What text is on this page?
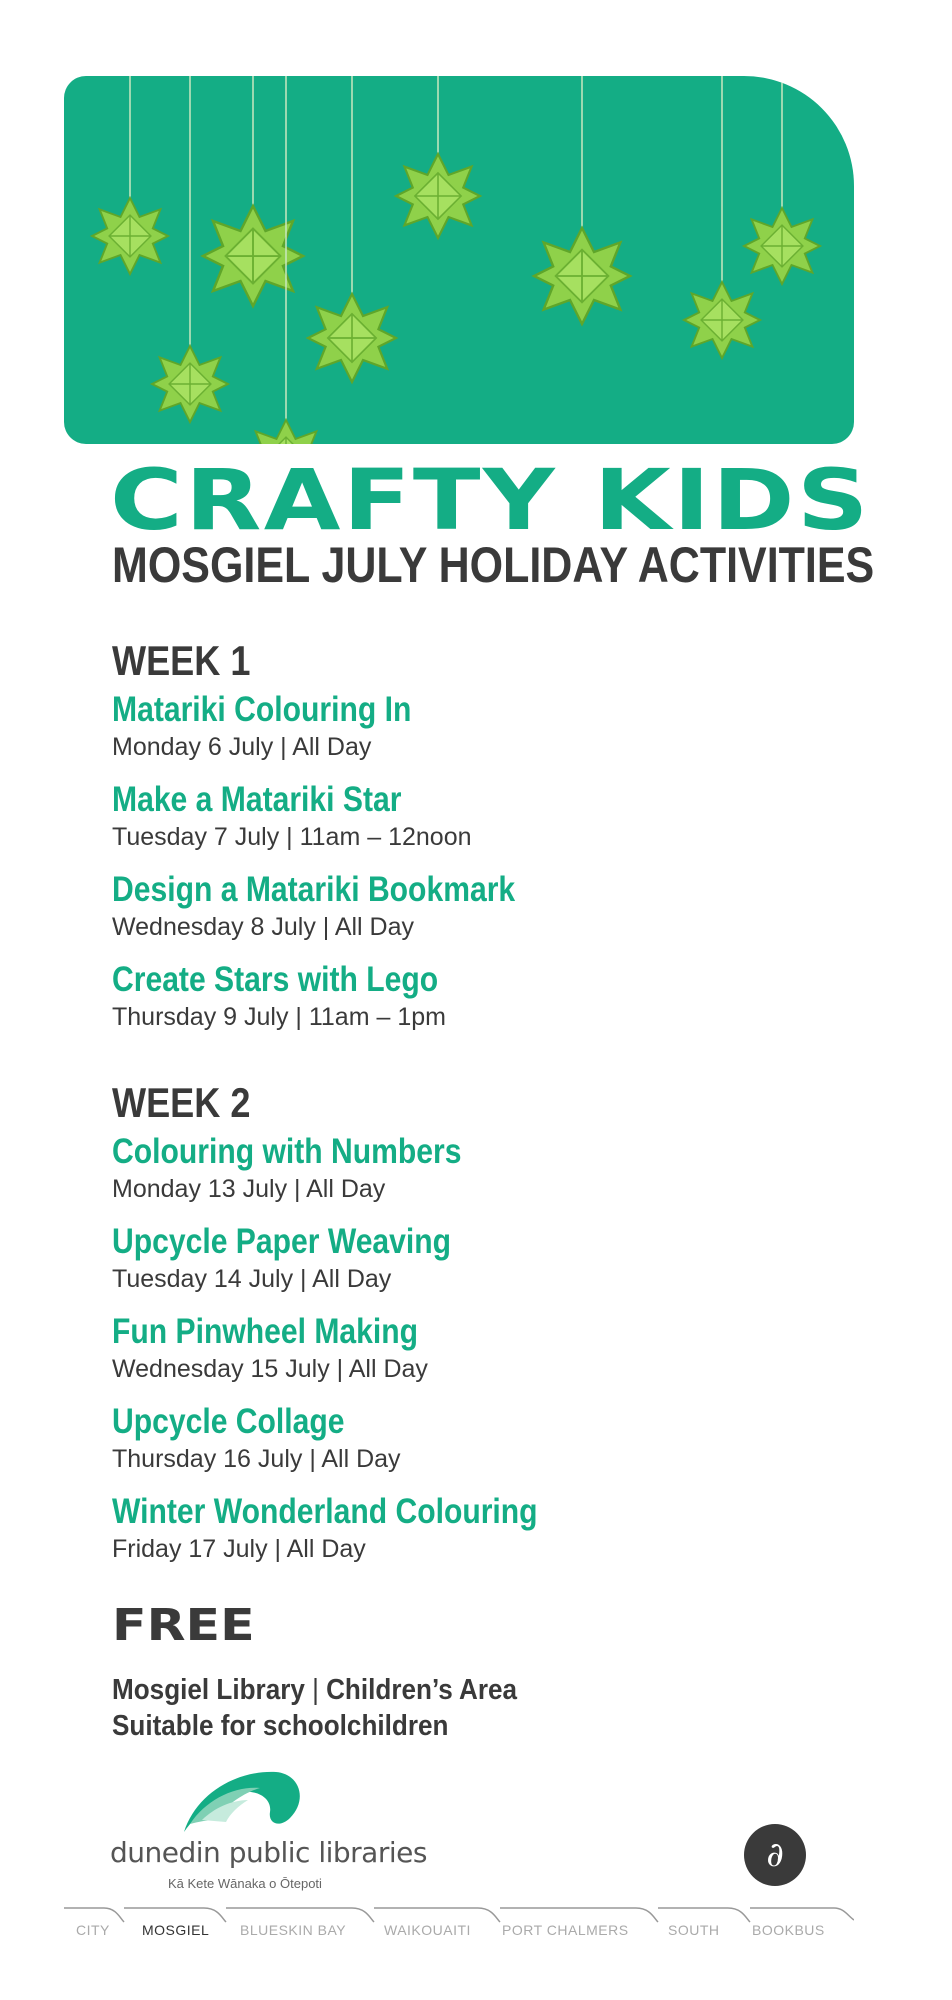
CRAFTY KIDS
MOSGIEL JULY HOLIDAY ACTIVITIES
WEEK 1
Matariki Colouring In
Monday 6 July | All Day
Make a Matariki Star
Tuesday 7 July | 11am – 12noon
Design a Matariki Bookmark
Wednesday 8 July | All Day
Create Stars with Lego
Thursday 9 July | 11am – 1pm
WEEK 2
Colouring with Numbers
Monday 13 July | All Day
Upcycle Paper Weaving
Tuesday 14 July | All Day
Fun Pinwheel Making
Wednesday 15 July | All Day
Upcycle Collage
Thursday 16 July | All Day
Winter Wonderland Colouring
Friday 17 July | All Day
FREE
Mosgiel Library | Children’s Area
Suitable for schoolchildren
dunedin public libraries
Kā Kete Wānaka o Ōtepoti
∂
CITY MOSGIEL BLUESKIN BAY	WAIKOUAITI PORT CHALMERS	SOUTH BOOKBUS
